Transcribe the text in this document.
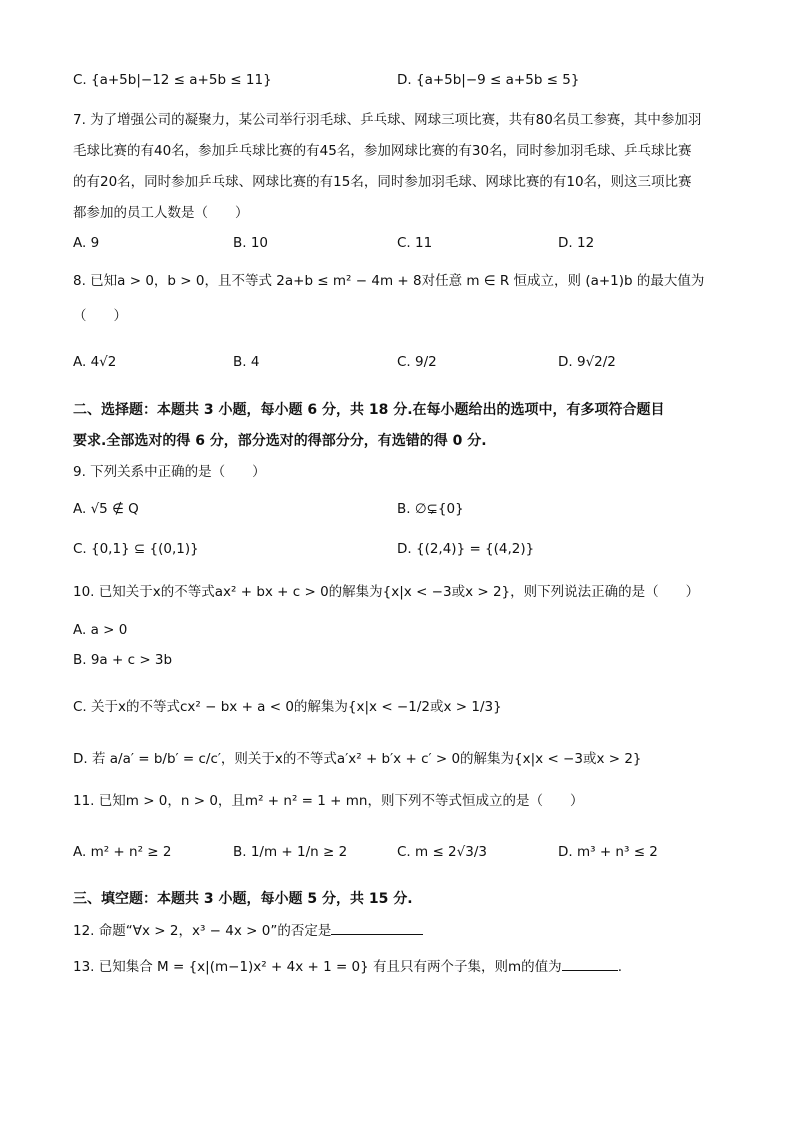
C. {a+5b|−12 ≤ a+5b ≤ 11}	D. {a+5b|−9 ≤ a+5b ≤ 5}
7. 为了增强公司的凝聚力，某公司举行羽毛球、乒乓球、网球三项比赛，共有80名员工参赛，其中参加羽
毛球比赛的有40名，参加乒乓球比赛的有45名，参加网球比赛的有30名，同时参加羽毛球、乒乓球比赛
的有20名，同时参加乒乓球、网球比赛的有15名，同时参加羽毛球、网球比赛的有10名，则这三项比赛
都参加的员工人数是（　　）
A. 9	B. 10	C. 11	D. 12
8. 已知a > 0，b > 0，且不等式 2a+b ≤ m² − 4m + 8对任意 m ∈ R 恒成立，则 (a+1)b 的最大值为
（　　）
A. 4√2	B. 4	C. 9/2	D. 9√2/2
二、选择题：本题共 3 小题，每小题 6 分，共 18 分.在每小题给出的选项中，有多项符合题目
要求.全部选对的得 6 分，部分选对的得部分分，有选错的得 0 分.
9. 下列关系中正确的是（　　）
A. √5 ∉ Q	B. ∅⊊{0}
C. {0,1} ⊆ {(0,1)}	D. {(2,4)} = {(4,2)}
10. 已知关于x的不等式ax² + bx + c > 0的解集为{x|x < −3或x > 2}，则下列说法正确的是（　　）
A. a > 0
B. 9a + c > 3b
C. 关于x的不等式cx² − bx + a < 0的解集为{x|x < −1/2或x > 1/3}
D. 若 a/a′ = b/b′ = c/c′，则关于x的不等式a′x² + b′x + c′ > 0的解集为{x|x < −3或x > 2}
11. 已知m > 0，n > 0，且m² + n² = 1 + mn，则下列不等式恒成立的是（　　）
A. m² + n² ≥ 2	B. 1/m + 1/n ≥ 2	C. m ≤ 2√3/3	D. m³ + n³ ≤ 2
三、填空题：本题共 3 小题，每小题 5 分，共 15 分.
12. 命题“∀x > 2，x³ − 4x > 0”的否定是
13. 已知集合 M = {x|(m−1)x² + 4x + 1 = 0} 有且只有两个子集，则m的值为	.
